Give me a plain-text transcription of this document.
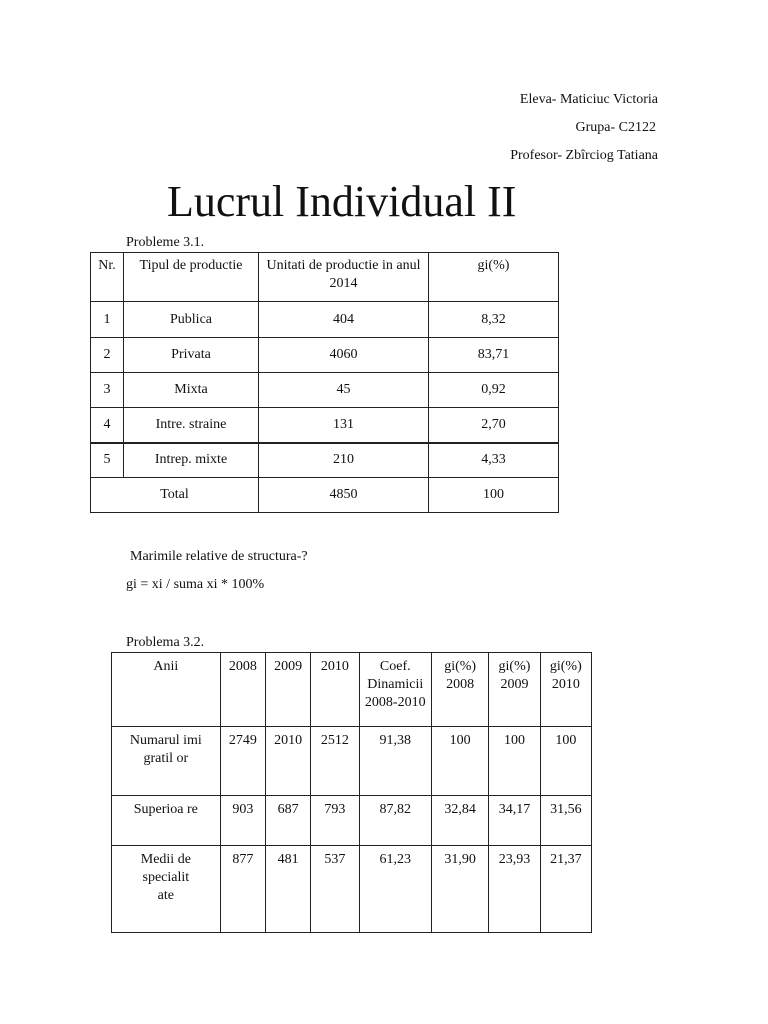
Eleva- Maticiuc Victoria
Grupa- C2122
Profesor- Zbîrciog Tatiana
Lucrul Individual II
Probleme 3.1.
Nr.	Tipul de productie	Unitati de productie in anul 2014	gi(%)
1	Publica	404	8,32
2	Privata	4060	83,71
3	Mixta	45	0,92
4	Intre. straine	131	2,70
5	Intrep. mixte	210	4,33
Total		4850	100
Marimile relative de structura-?
gi = xi / suma xi * 100%
Problema 3.2.
Anii	2008	2009	2010	Coef. Dinamicii 2008-2010	gi(%) 2008	gi(%) 2009	gi(%) 2010
Numarul imi gratil or	2749	2010	2512	91,38	100	100	100
Superioa re	903	687	793	87,82	32,84	34,17	31,56
Medii de specialit ate	877	481	537	61,23	31,90	23,93	21,37
